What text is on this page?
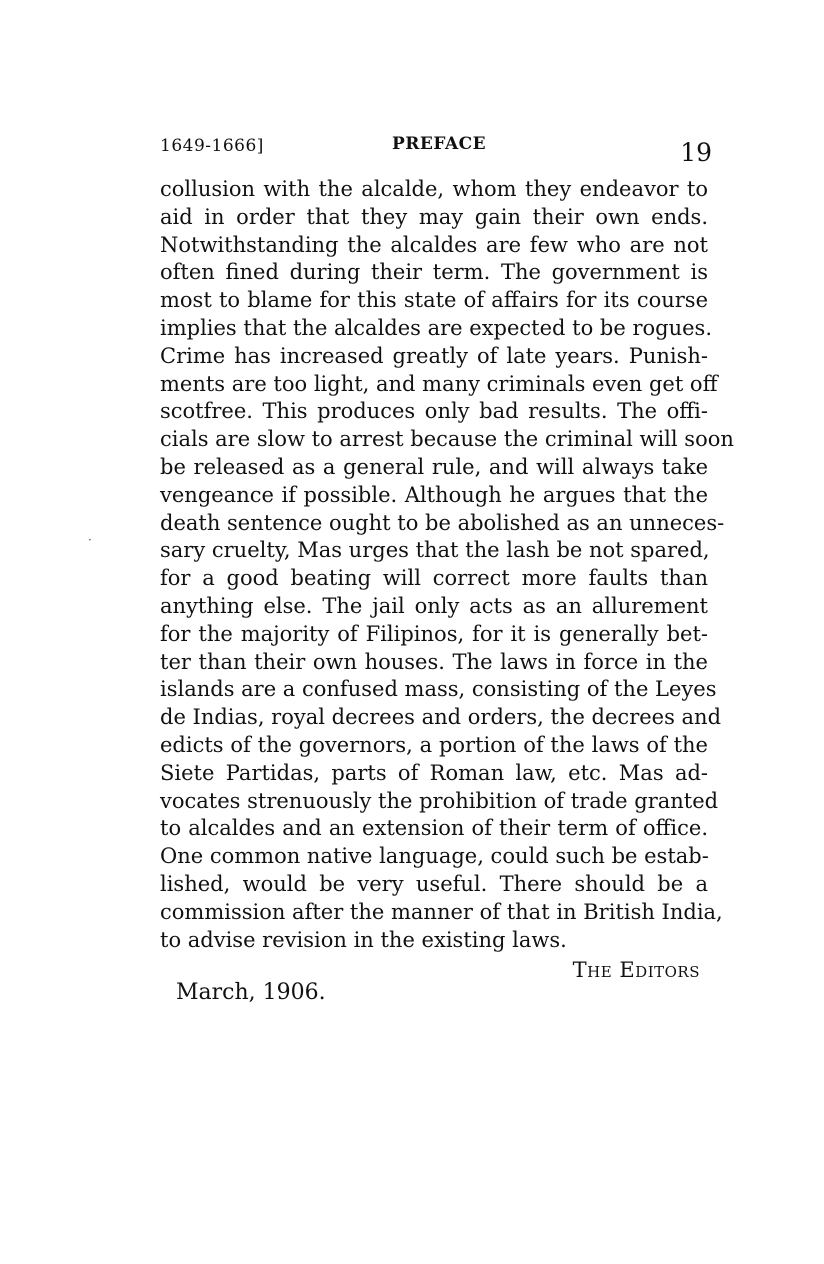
1649-1666]	PREFACE	19
·
collusion with the alcalde, whom they endeavor to
aid in order that they may gain their own ends.
Notwithstanding the alcaldes are few who are not
often fined during their term. The government is
most to blame for this state of affairs for its course
implies that the alcaldes are expected to be rogues.
Crime has increased greatly of late years. Punish-
ments are too light, and many criminals even get off
scotfree. This produces only bad results. The offi-
cials are slow to arrest because the criminal will soon
be released as a general rule, and will always take
vengeance if possible. Although he argues that the
death sentence ought to be abolished as an unneces-
sary cruelty, Mas urges that the lash be not spared,
for a good beating will correct more faults than
anything else. The jail only acts as an allurement
for the majority of Filipinos, for it is generally bet-
ter than their own houses. The laws in force in the
islands are a confused mass, consisting of the Leyes
de Indias, royal decrees and orders, the decrees and
edicts of the governors, a portion of the laws of the
Siete Partidas, parts of Roman law, etc. Mas ad-
vocates strenuously the prohibition of trade granted
to alcaldes and an extension of their term of office.
One common native language, could such be estab-
lished, would be very useful. There should be a
commission after the manner of that in British India,
to advise revision in the existing laws.
The Editors
March, 1906.
